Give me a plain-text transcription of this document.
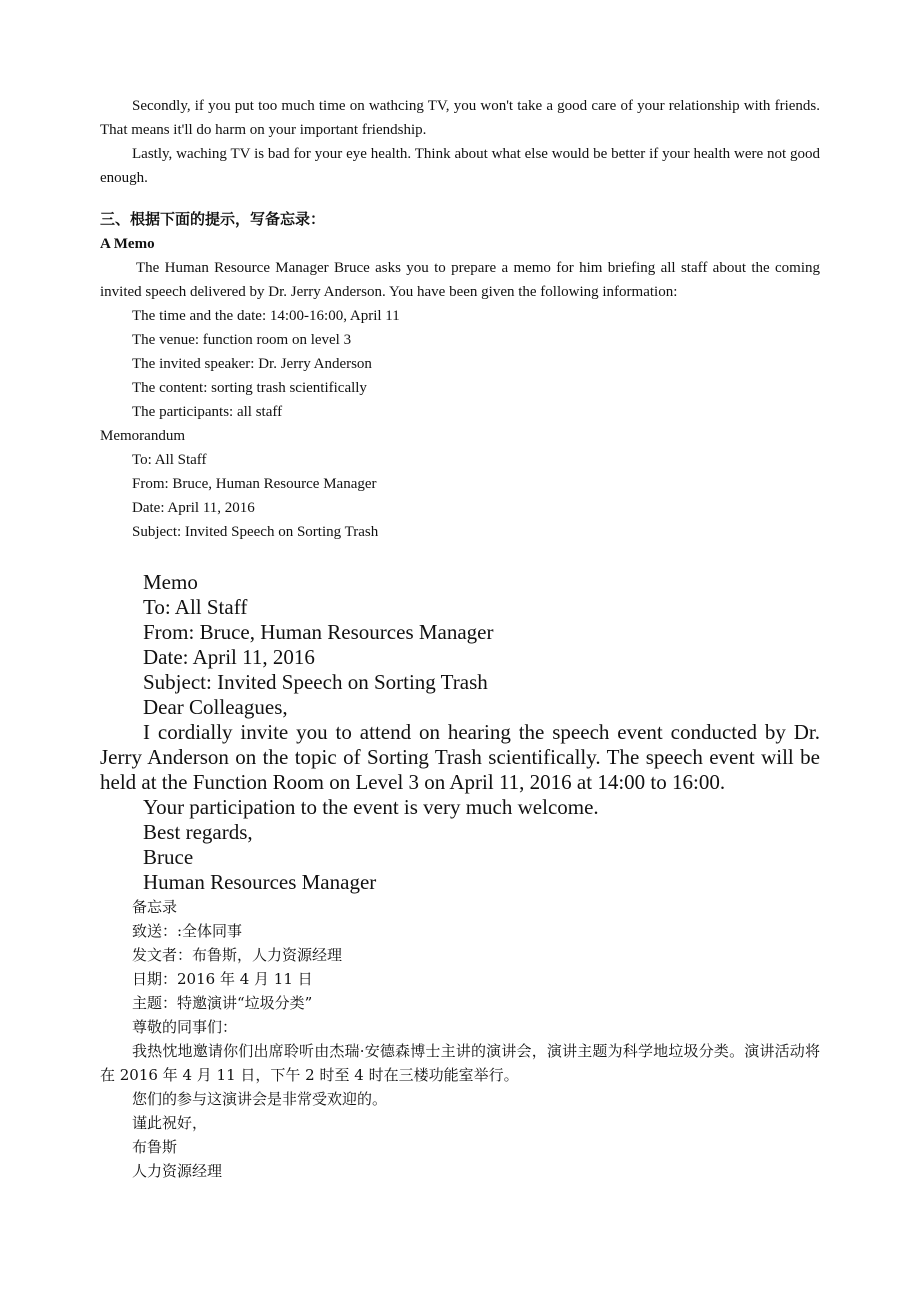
Secondly, if you put too much time on wathcing TV, you won't take a good care of your relationship with friends. That means it'll do harm on your important friendship.

Lastly, waching TV is bad for your eye health. Think about what else would be better if your health were not good enough.

三、根据下面的提示，写备忘录：

A Memo

The Human Resource Manager Bruce asks you to prepare a memo for him briefing all staff about the coming invited speech delivered by Dr. Jerry Anderson. You have been given the following information:

The time and the date: 14:00-16:00, April 11

The venue: function room on level 3

The invited speaker: Dr. Jerry Anderson

The content: sorting trash scientifically

The participants: all staff

Memorandum

To: All Staff

From: Bruce, Human Resource Manager

Date: April 11, 2016

Subject: Invited Speech on Sorting Trash

Memo

To: All Staff

From: Bruce, Human Resources Manager

Date: April 11, 2016

Subject: Invited Speech on Sorting Trash

Dear Colleagues,

I cordially invite you to attend on hearing the speech event conducted by Dr. Jerry Anderson on the topic of Sorting Trash scientifically. The speech event will be held at the Function Room on Level 3 on April 11, 2016 at 14:00 to 16:00.

Your participation to the event is very much welcome.

Best regards,

Bruce

Human Resources Manager

备忘录

致送：:全体同事

发文者：布鲁斯，人力资源经理

日期：2016 年 4 月 11 日

主题：特邀演讲“垃圾分类”

尊敬的同事们：

我热忱地邀请你们出席聆听由杰瑞·安德森博士主讲的演讲会，演讲主题为科学地垃圾分类。演讲活动将在 2016 年 4 月 11 日，下午 2 时至 4 时在三楼功能室举行。

您们的参与这演讲会是非常受欢迎的。

谨此祝好，

布鲁斯

人力资源经理
